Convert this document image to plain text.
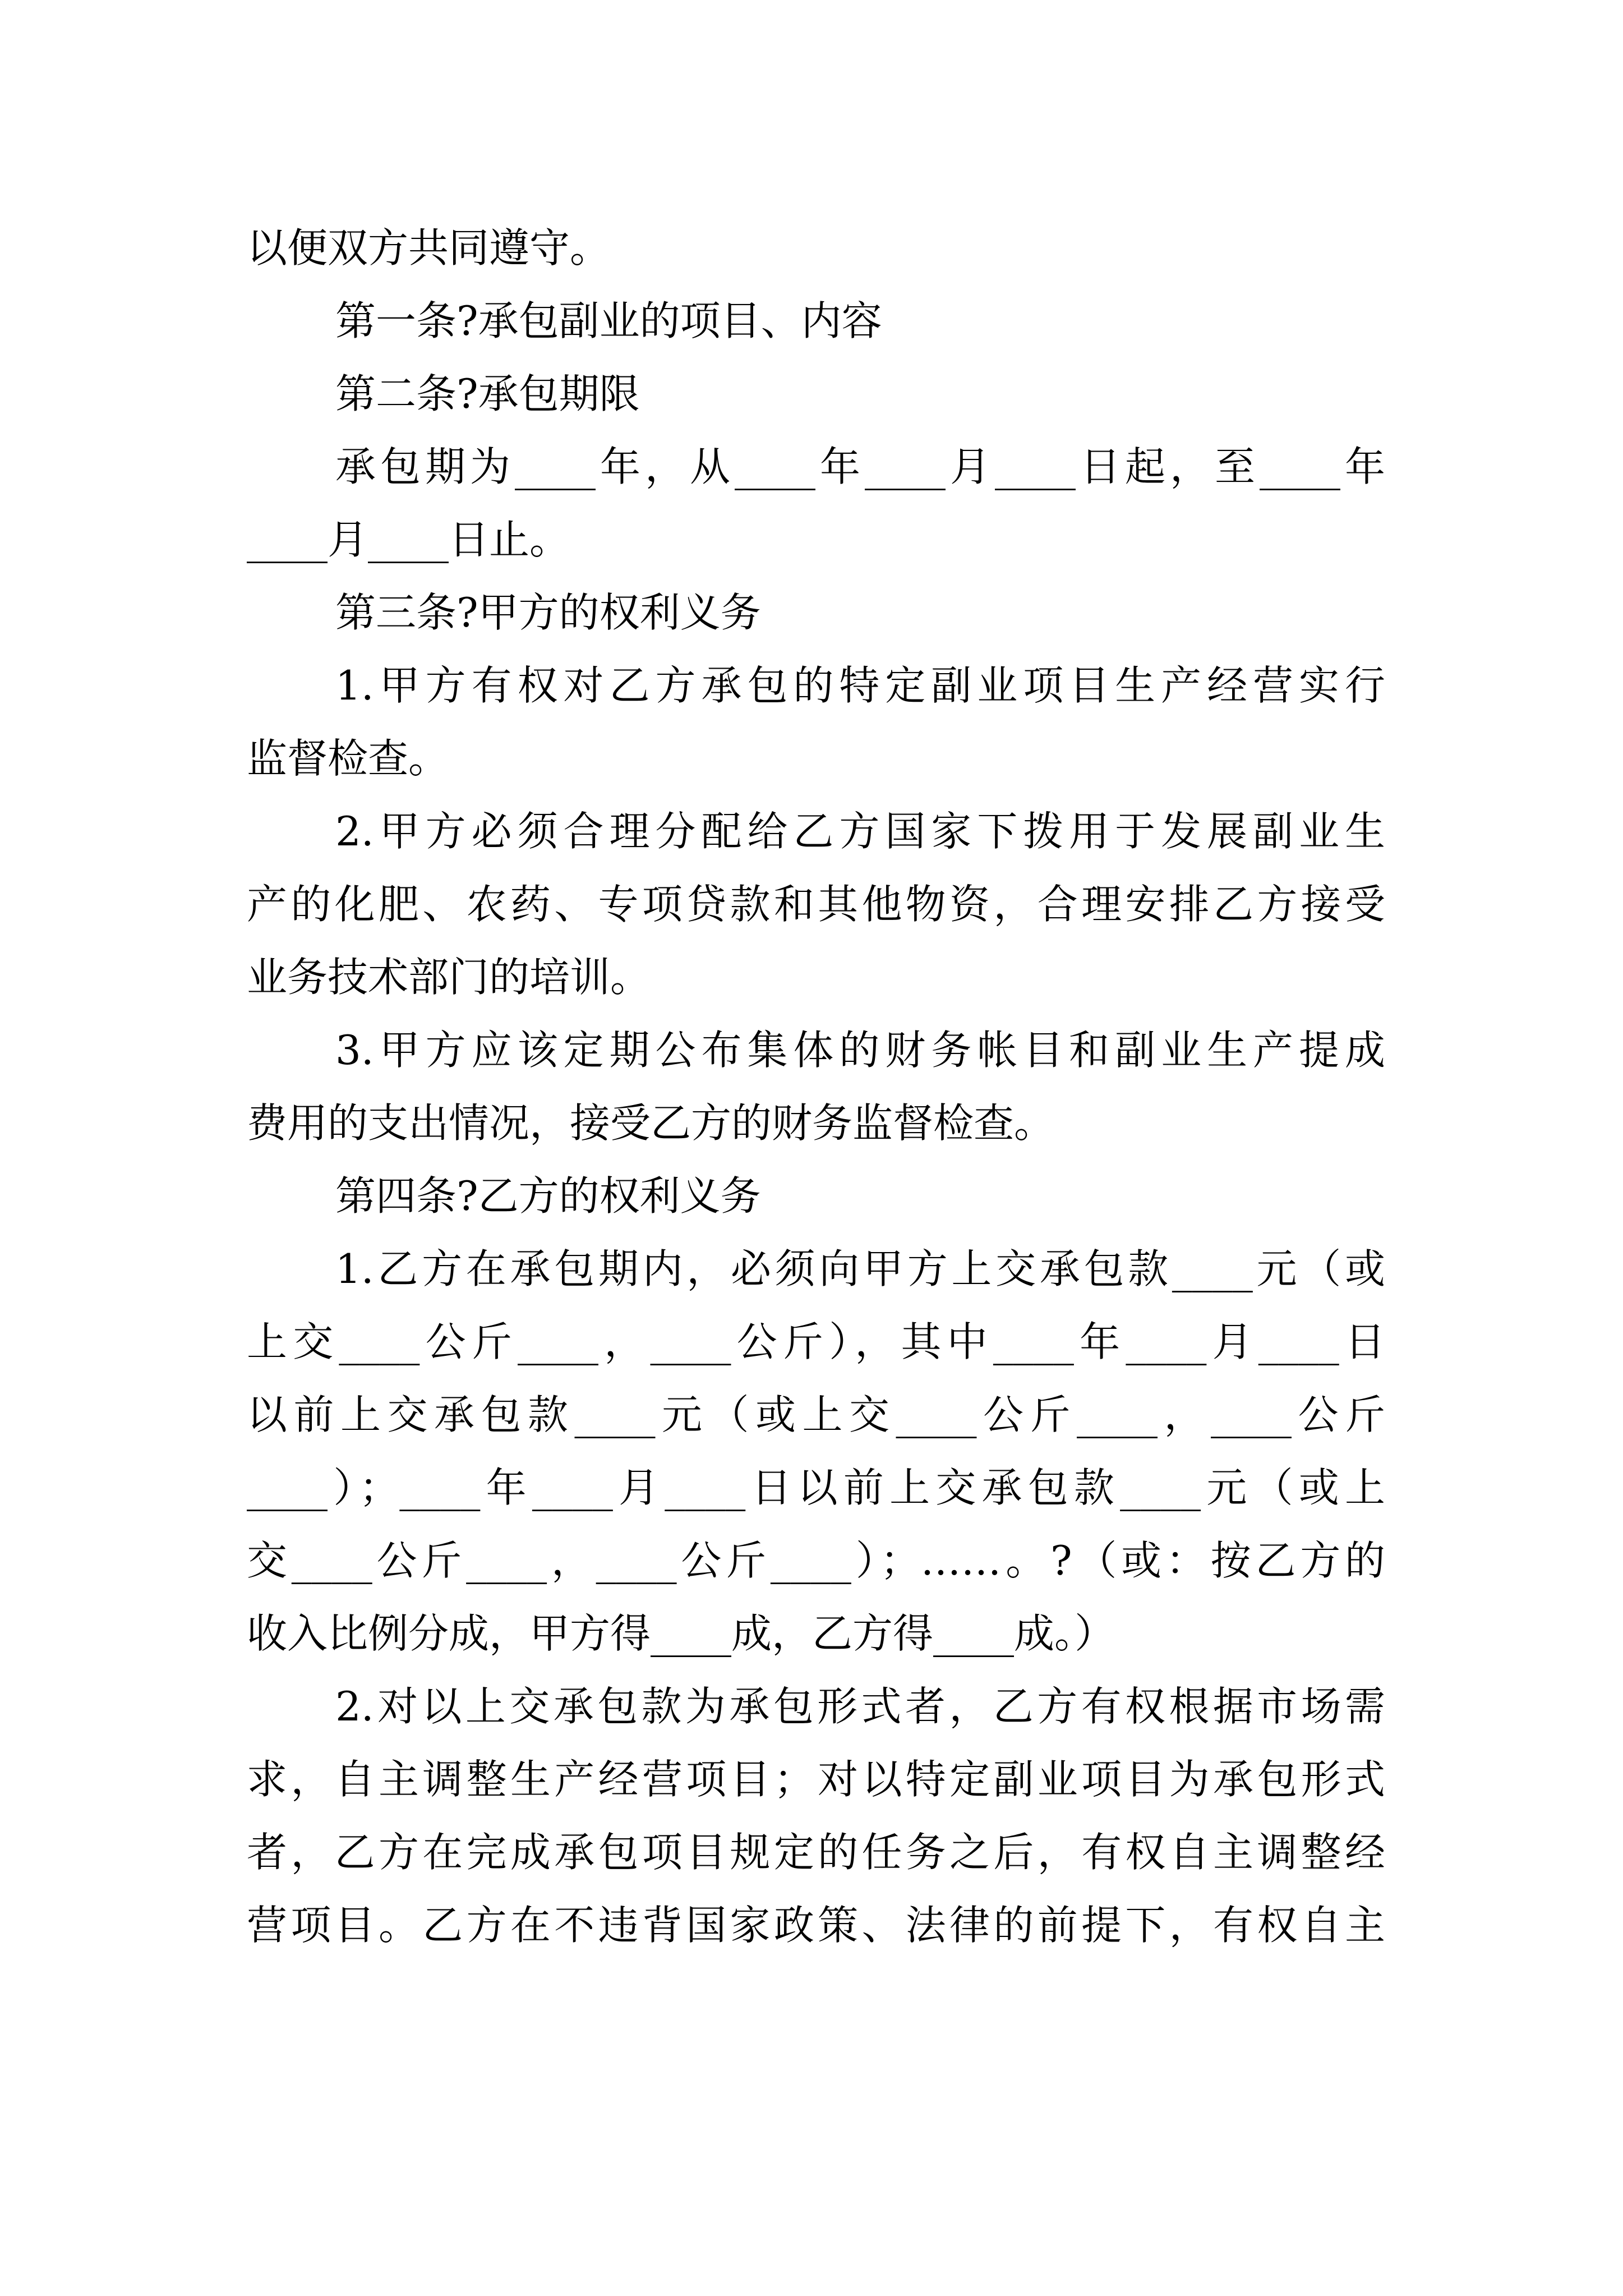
以便双方共同遵守。
第一条?承包副业的项目、内容
第二条?承包期限
承包期为____年，从____年____月____日起，至____年
____月____日止。
第三条?甲方的权利义务
1.甲方有权对乙方承包的特定副业项目生产经营实行
监督检查。
2.甲方必须合理分配给乙方国家下拨用于发展副业生
产的化肥、农药、专项贷款和其他物资，合理安排乙方接受
业务技术部门的培训。
3.甲方应该定期公布集体的财务帐目和副业生产提成
费用的支出情况，接受乙方的财务监督检查。
第四条?乙方的权利义务
1.乙方在承包期内，必须向甲方上交承包款____元（或
上交____公斤____，____公斤），其中____年____月____日
以前上交承包款____元（或上交____公斤____，____公斤
____）；____年____月____日以前上交承包款____元（或上
交____公斤____，____公斤____）；……。?（或：按乙方的
收入比例分成，甲方得____成，乙方得____成。）
2.对以上交承包款为承包形式者，乙方有权根据市场需
求，自主调整生产经营项目；对以特定副业项目为承包形式
者，乙方在完成承包项目规定的任务之后，有权自主调整经
营项目。乙方在不违背国家政策、法律的前提下，有权自主
